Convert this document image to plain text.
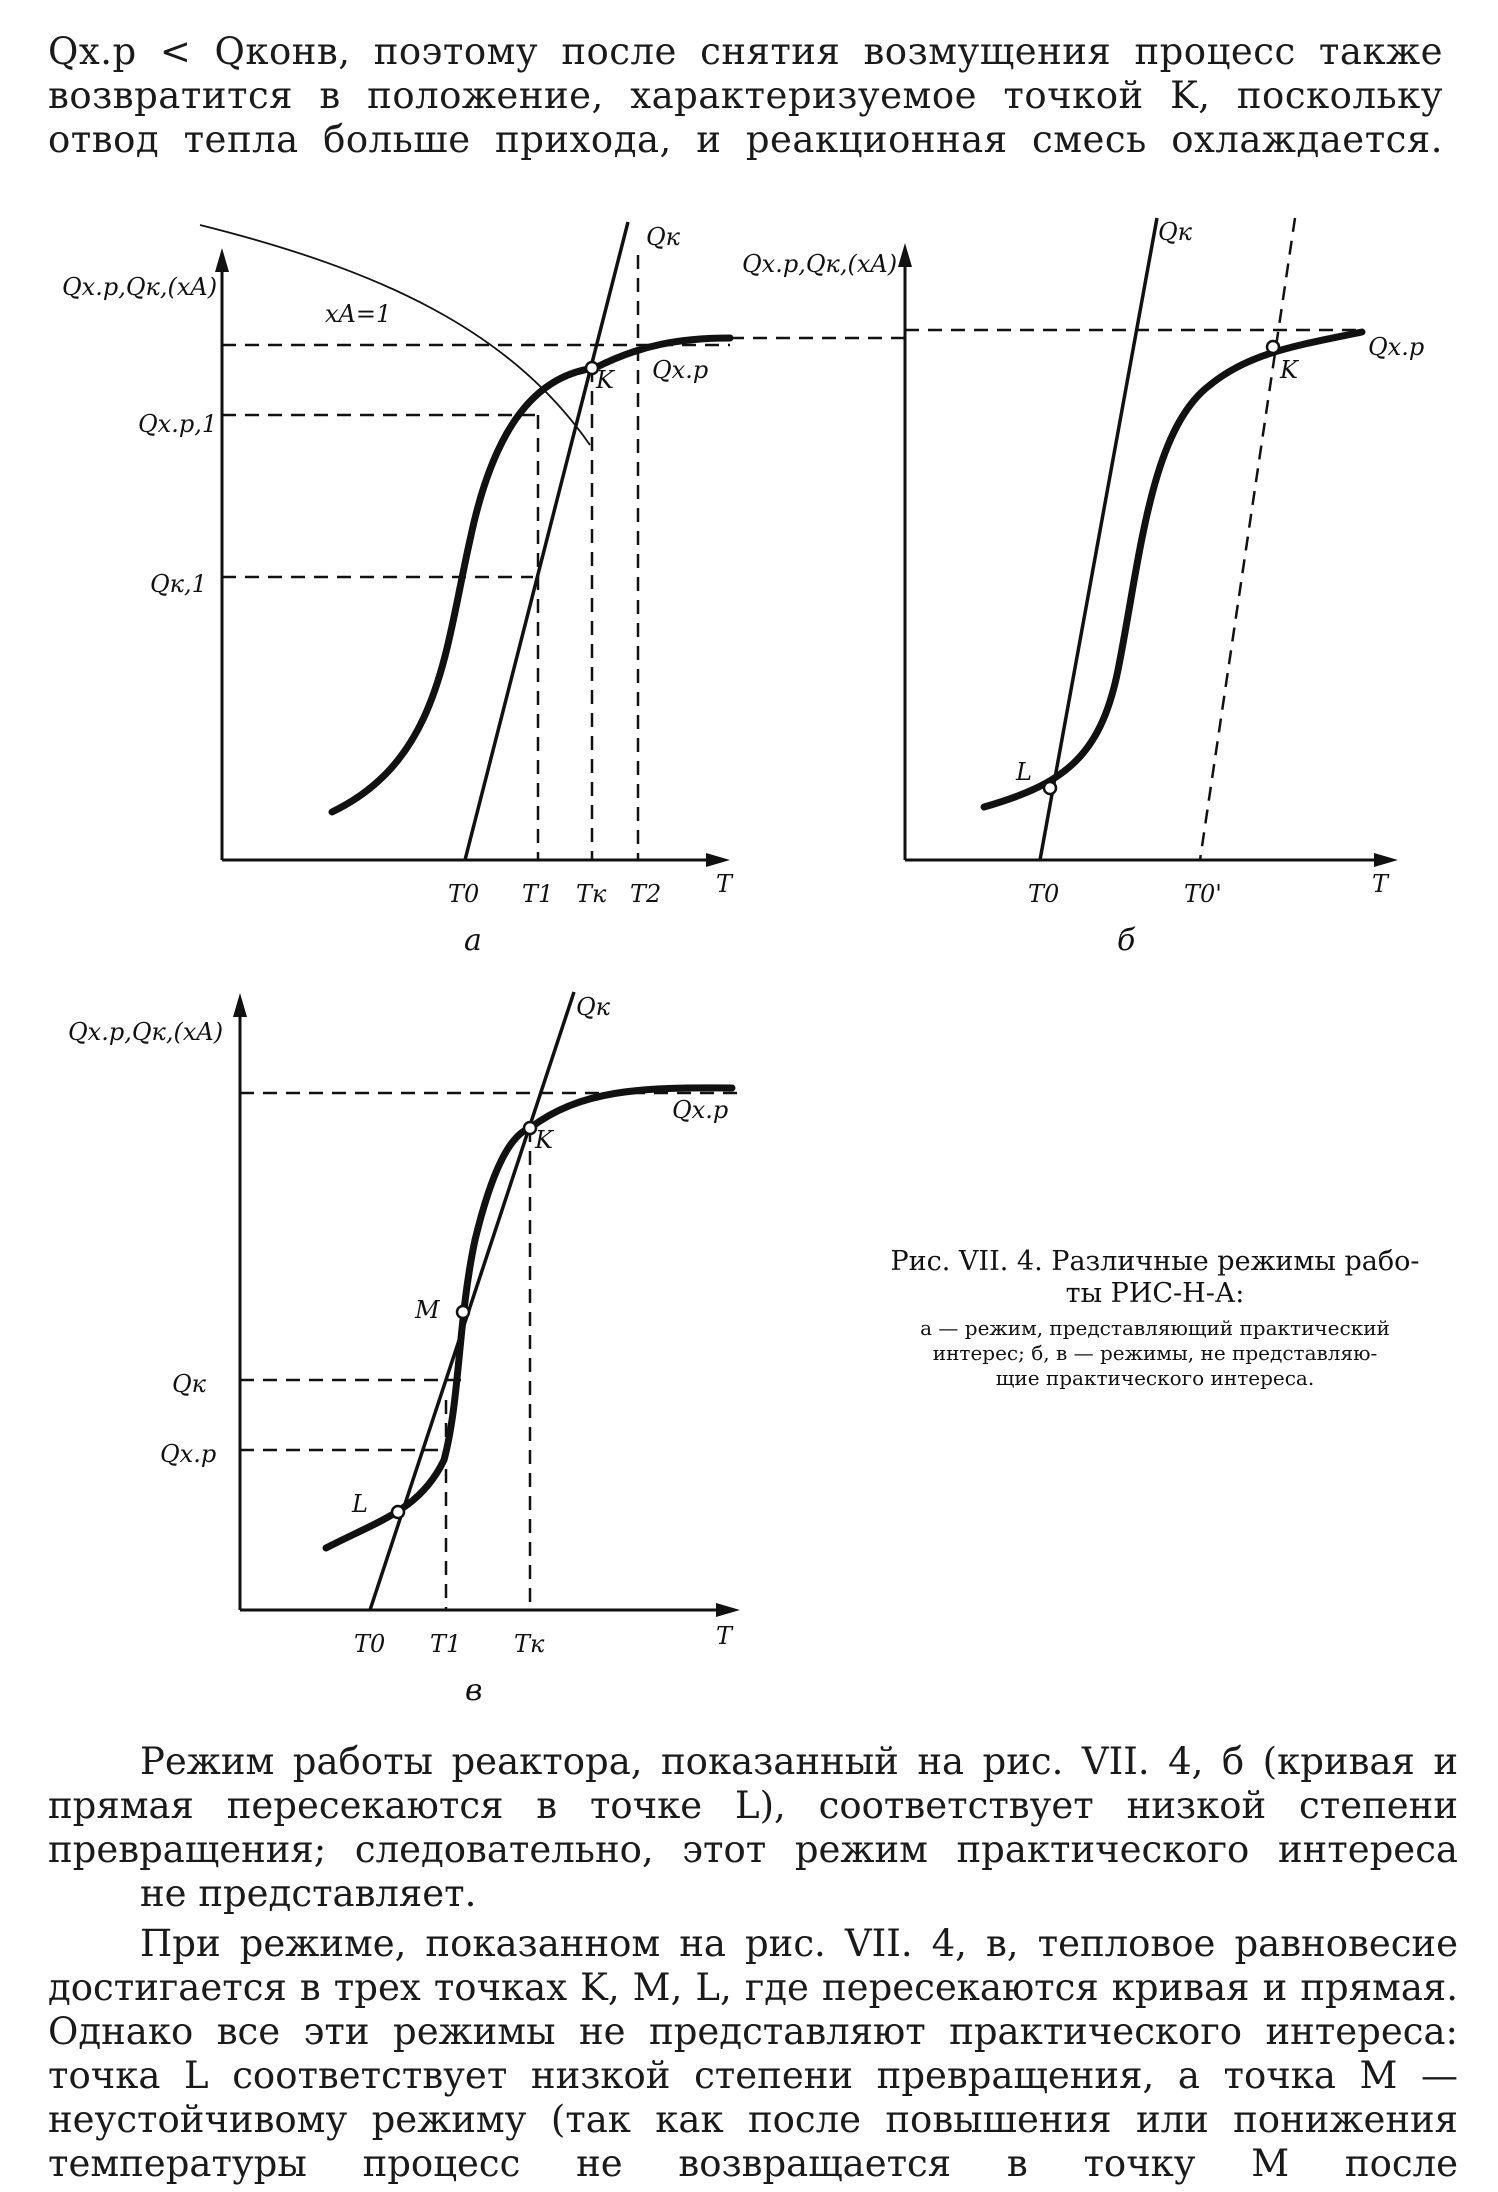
Qx.p < Qконв, поэтому после снятия возмущения процесс также возвратится в положение, характеризуемое точкой K, поскольку отвод тепла больше прихода, и реакционная смесь охлаждается.

Qx.p,Qк,(xA)
xA=1
Qx.p,1
Qк,1
Qк
Qx.p
K
T
T0 T1 Tк T2
а
Qx.p,Qк,(xA)
Qк
Qx.p
K
L
T
T0	T0'
б
Qx.p,Qк,(xA)
Qк
Qx.p
K
M
L
Qк
Qx.p
T
T0 T1 Tк
в
Рис. VII. 4. Различные режимы рабо-
ты РИС-Н-А:
а — режим, представляющий практический
интерес; б, в — режимы, не представляю-
щие практического интереса.

Режим работы реактора, показанный на рис. VII. 4, б (кривая и прямая пересекаются в точке L), соответствует низкой степени превращения; следовательно, этот режим практического интереса
не представляет.

При режиме, показанном на рис. VII. 4, в, тепловое равновесие достигается в трех точках K, M, L, где пересекаются кривая и прямая. Однако все эти режимы не представляют практического интереса: точка L соответствует низкой степени превращения, а точка M — неустойчивому режиму (так как после повышения или понижения температуры процесс не возвращается в точку M после
